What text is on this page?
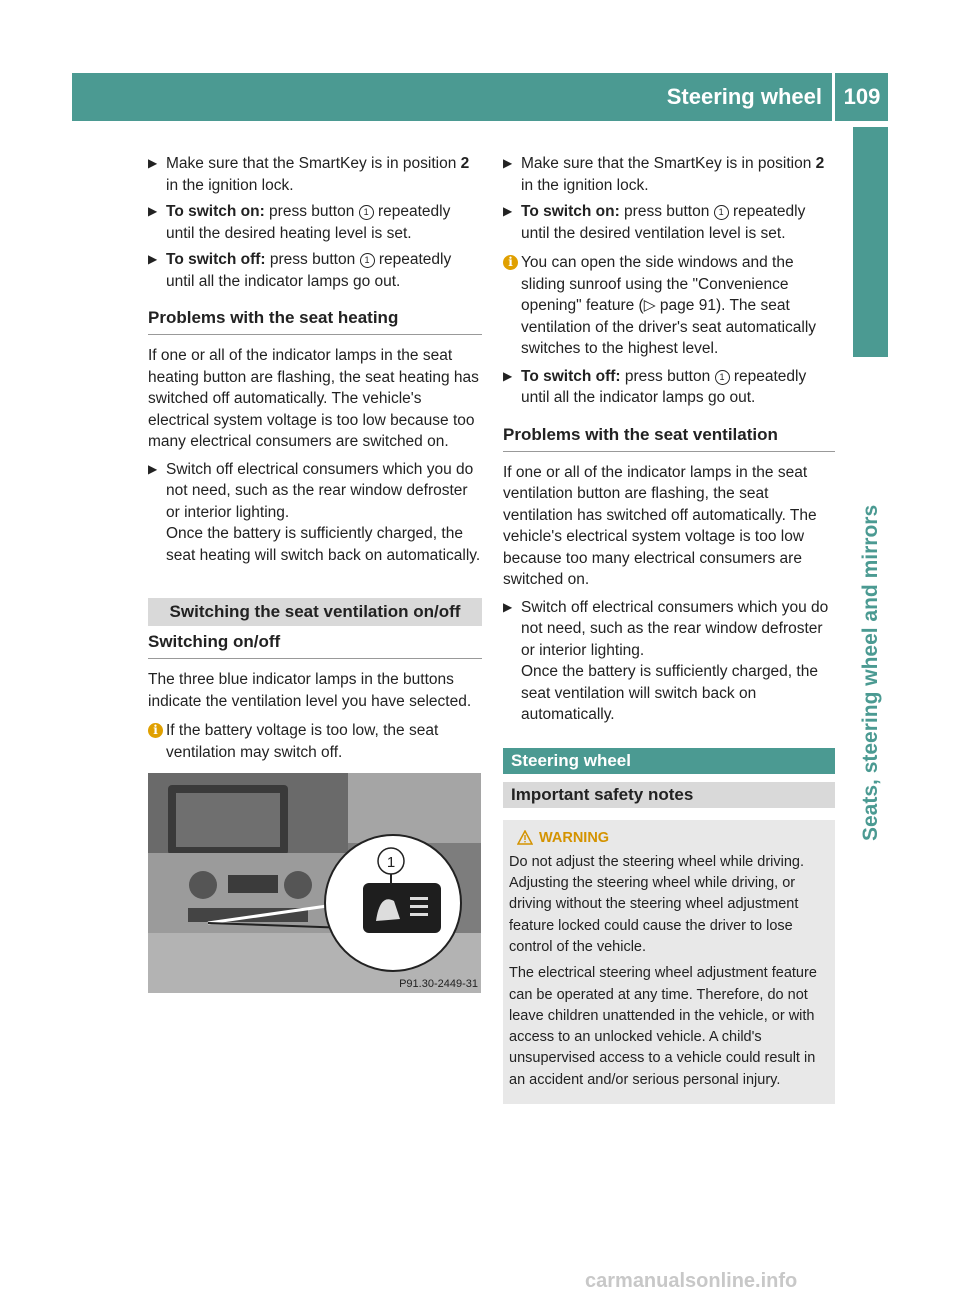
Steering wheel 109
Seats, steering wheel and mirrors
▶ Make sure that the SmartKey is in position 2 in the ignition lock.
▶ To switch on: press button 1 repeatedly until the desired heating level is set.
▶ To switch off: press button 1 repeatedly until all the indicator lamps go out.
Problems with the seat heating

If one or all of the indicator lamps in the seat heating button are flashing, the seat heating has switched off automatically. The vehicle's electrical system voltage is too low because too many electrical consumers are switched on.

▶ Switch off electrical consumers which you do not need, such as the rear window defroster or interior lighting.
Once the battery is sufficiently charged, the seat heating will switch back on automatically.
Switching the seat ventilation on/off
Switching on/off

The three blue indicator lamps in the buttons indicate the ventilation level you have selected.

i If the battery voltage is too low, the seat ventilation may switch off.
1
P91.30-2449-31
▶ Make sure that the SmartKey is in position 2 in the ignition lock.
▶ To switch on: press button 1 repeatedly until the desired ventilation level is set.
i You can open the side windows and the sliding sunroof using the "Convenience opening" feature (▷ page 91). The seat ventilation of the driver's seat automatically switches to the highest level.
▶ To switch off: press button 1 repeatedly until all the indicator lamps go out.
Problems with the seat ventilation

If one or all of the indicator lamps in the seat ventilation button are flashing, the seat ventilation has switched off automatically. The vehicle's electrical system voltage is too low because too many electrical consumers are switched on.

▶ Switch off electrical consumers which you do not need, such as the rear window defroster or interior lighting.
Once the battery is sufficiently charged, the seat ventilation will switch back on automatically.
Steering wheel
Important safety notes
WARNING

Do not adjust the steering wheel while driving. Adjusting the steering wheel while driving, or driving without the steering wheel adjustment feature locked could cause the driver to lose control of the vehicle.

The electrical steering wheel adjustment feature can be operated at any time. Therefore, do not leave children unattended in the vehicle, or with access to an unlocked vehicle. A child's unsupervised access to a vehicle could result in an accident and/or serious personal injury.

carmanualsonline.info
